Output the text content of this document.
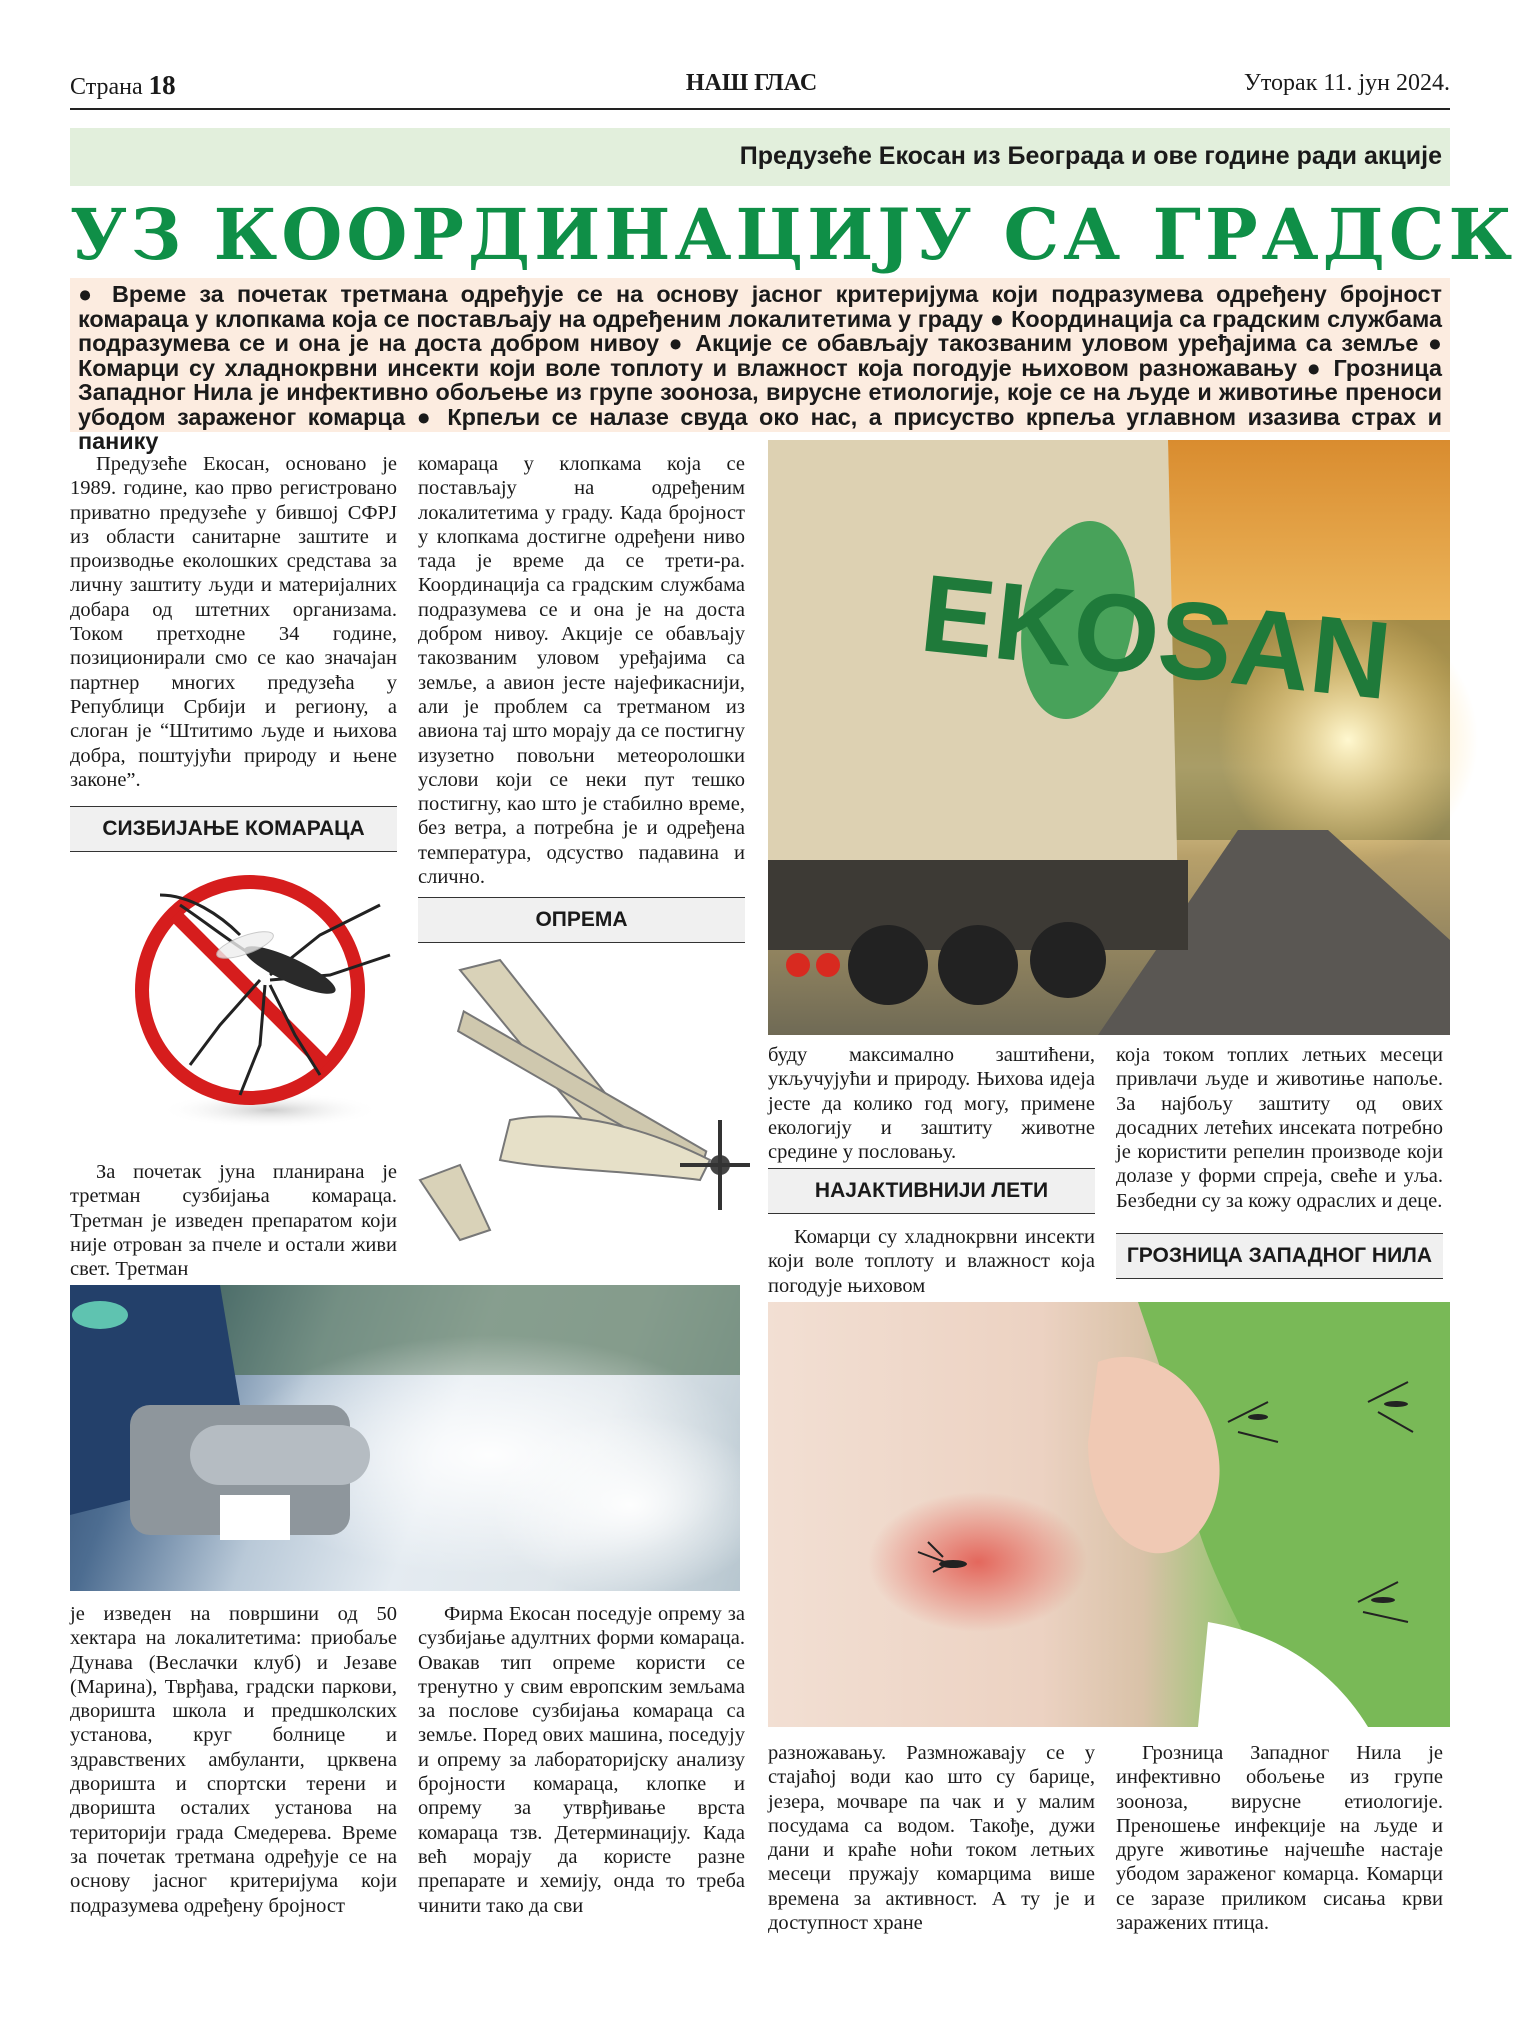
Страна 18	НАШ ГЛАС	Уторак 11. јун 2024.
Предузеће Екосан из Београда и ове године ради акције
УЗ КООРДИНАЦИЈУ СА ГРАДСК
● Време за почетак третмана одређује се на основу јасног критеријума који подразумева одређену бројност комараца у клопкама која се постављају на одређеним локалитетима у граду ● Координација са градским службама подразумева се и она је на доста добром нивоу ● Акције се обављају такозваним уловом уређајима са земље ● Комарци су хладнокрвни инсекти који воле топлоту и влажност која погодује њиховом разножавању ● Грозница Западног Нила је инфективно обољење из групе зооноза, вирусне етиологије, које се на људе и животиње преноси убодом зараженог комарца ● Крпељи се налазе свуда око нас, а присуство крпеља углавном изазива страх и панику

Предузеће Екосан, основано је 1989. године, као прво регистровано приватно предузеће у бившој СФРЈ из области санитарне заштите и производње еколошких средстава за личну заштиту људи и материјалних добара од штетних организама. Током претходне 34 године, позиционирали смо се као значајан партнер многих предузећа у Републици Србији и региону, а слоган је “Штитимо људе и њихова добра, поштујући природу и њене законе”.

СИЗБИЈАЊЕ КОМАРАЦА

За почетак јуна планирана је третман сузбијања комараца. Третман је изведен препаратом који није отрован за пчеле и остали живи свет. Третман

је изведен на површини од 50 хектара на локалитетима: приобаље Дунава (Веслачки клуб) и Језаве (Марина), Тврђава, градски паркови, дворишта школа и предшколских установа, круг болнице и здравствених амбуланти, црквена дворишта и спортски терени и дворишта осталих установа на територији града Смедерева. Време за почетак третмана одређује се на основу јасног критеријума који подразумева одређену бројност

комараца у клопкама која се постављају на одређеним локалитетима у граду. Када бројност у клопкама достигне одређени ниво тада је време да се трети-ра. Координација са градским службама подразумева се и она је на доста добром нивоу. Акције се обављају такозваним уловом уређајима са земље, а авион јесте најефикаснији, али је проблем са третманом из авиона тај што морају да се постигну изузетно повољни метеоролошки услови који се неки пут тешко постигну, као што је стабилно време, без ветра, а потребна је и одређена температура, одсуство падавина и слично.

ОПРЕМА

Фирма Екосан поседује опрему за сузбијање адултних форми комараца. Овакав тип опреме користи се тренутно у свим европским земљама за послове сузбијања комараца са земље. Поред ових машина, поседују и опрему за лабораторијску анализу бројности комараца, клопке и опрему за утврђивање врста комараца тзв. Детерминацију. Када већ морају да користе разне препарате и хемију, онда то треба чинити тако да сви

EKOSAN

буду максимално заштићени, укључујући и природу. Њихова идеја јесте да колико год могу, примене екологију и заштиту животне средине у пословању.

НАЈАКТИВНИЈИ ЛЕТИ

Комарци су хладнокрвни инсекти који воле топлоту и влажност која погодује њиховом

разножавању. Размножавају се у стајаћој води као што су барице, језера, мочваре па чак и у малим посудама са водом. Такође, дужи дани и краће ноћи током летњих месеци пружају комарцима више времена за активност. А ту је и доступност хране

која током топлих летњих месеци привлачи људе и животиње напоље. За најбољу заштиту од ових досадних летећих инсеката потребно је користити репелин производе који долазе у форми спреја, свеће и уља. Безбедни су за кожу одраслих и деце.

ГРОЗНИЦА ЗАПАДНОГ НИЛА

Грозница Западног Нила је инфективно обољење из групе зооноза, вирусне етиологије. Преношење инфекције на људе и друге животиње најчешће настаје убодом зараженог комарца. Комарци се заразе приликом сисања крви заражених птица.
